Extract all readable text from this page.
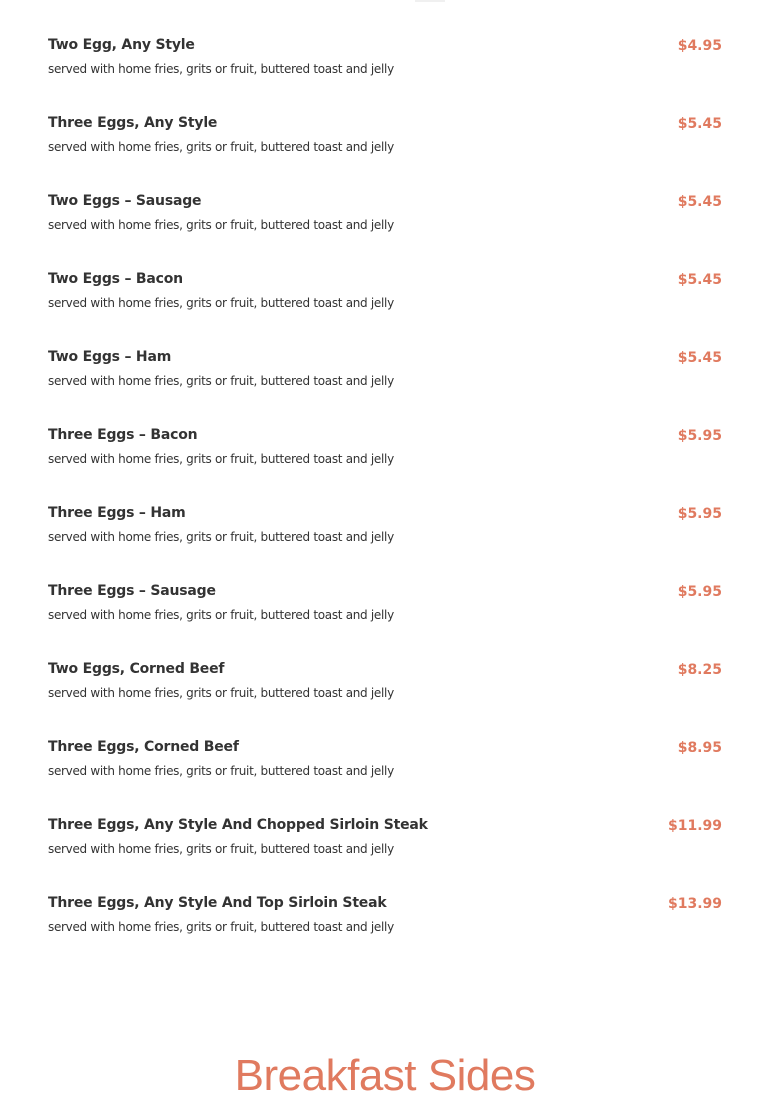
Two Egg, Any Style
served with home fries, grits or fruit, buttered toast and jelly
$4.95
Three Eggs, Any Style
served with home fries, grits or fruit, buttered toast and jelly
$5.45
Two Eggs – Sausage
served with home fries, grits or fruit, buttered toast and jelly
$5.45
Two Eggs – Bacon
served with home fries, grits or fruit, buttered toast and jelly
$5.45
Two Eggs – Ham
served with home fries, grits or fruit, buttered toast and jelly
$5.45
Three Eggs – Bacon
served with home fries, grits or fruit, buttered toast and jelly
$5.95
Three Eggs – Ham
served with home fries, grits or fruit, buttered toast and jelly
$5.95
Three Eggs – Sausage
served with home fries, grits or fruit, buttered toast and jelly
$5.95
Two Eggs, Corned Beef
served with home fries, grits or fruit, buttered toast and jelly
$8.25
Three Eggs, Corned Beef
served with home fries, grits or fruit, buttered toast and jelly
$8.95
Three Eggs, Any Style And Chopped Sirloin Steak
served with home fries, grits or fruit, buttered toast and jelly
$11.99
Three Eggs, Any Style And Top Sirloin Steak
served with home fries, grits or fruit, buttered toast and jelly
$13.99
Breakfast Sides
